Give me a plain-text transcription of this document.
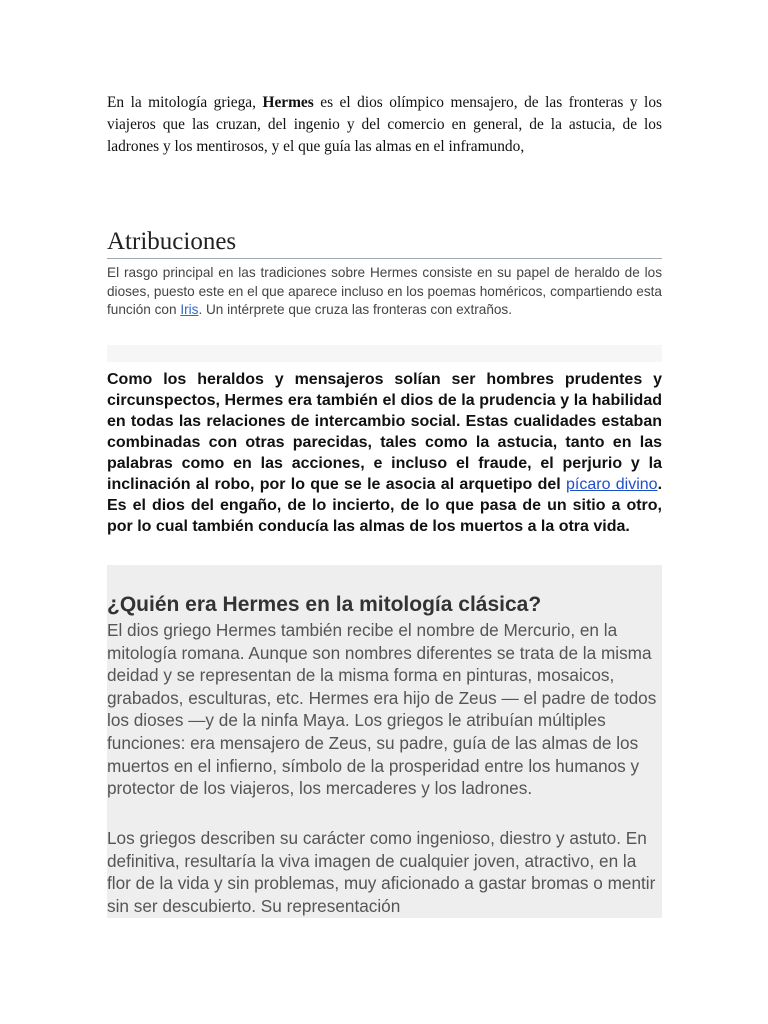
En la mitología griega, Hermes es el dios olímpico mensajero, de las fronteras y los viajeros que las cruzan, del ingenio y del comercio en general, de la astucia, de los ladrones y los mentirosos, y el que guía las almas en el inframundo,

Atribuciones

El rasgo principal en las tradiciones sobre Hermes consiste en su papel de heraldo de los dioses, puesto este en el que aparece incluso en los poemas homéricos, compartiendo esta función con Iris. Un intérprete que cruza las fronteras con extraños.

Como los heraldos y mensajeros solían ser hombres prudentes y circunspectos, Hermes era también el dios de la prudencia y la habilidad en todas las relaciones de intercambio social. Estas cualidades estaban combinadas con otras parecidas, tales como la astucia, tanto en las palabras como en las acciones, e incluso el fraude, el perjurio y la inclinación al robo, por lo que se le asocia al arquetipo del pícaro divino. Es el dios del engaño, de lo incierto, de lo que pasa de un sitio a otro, por lo cual también conducía las almas de los muertos a la otra vida.

¿Quién era Hermes en la mitología clásica?

El dios griego Hermes también recibe el nombre de Mercurio, en la mitología romana. Aunque son nombres diferentes se trata de la misma deidad y se representan de la misma forma en pinturas, mosaicos, grabados, esculturas, etc. Hermes era hijo de Zeus — el padre de todos los dioses —y de la ninfa Maya. Los griegos le atribuían múltiples funciones: era mensajero de Zeus, su padre, guía de las almas de los muertos en el infierno, símbolo de la prosperidad entre los humanos y protector de los viajeros, los mercaderes y los ladrones.

Los griegos describen su carácter como ingenioso, diestro y astuto. En definitiva, resultaría la viva imagen de cualquier joven, atractivo, en la flor de la vida y sin problemas, muy aficionado a gastar bromas o mentir sin ser descubierto. Su representación
